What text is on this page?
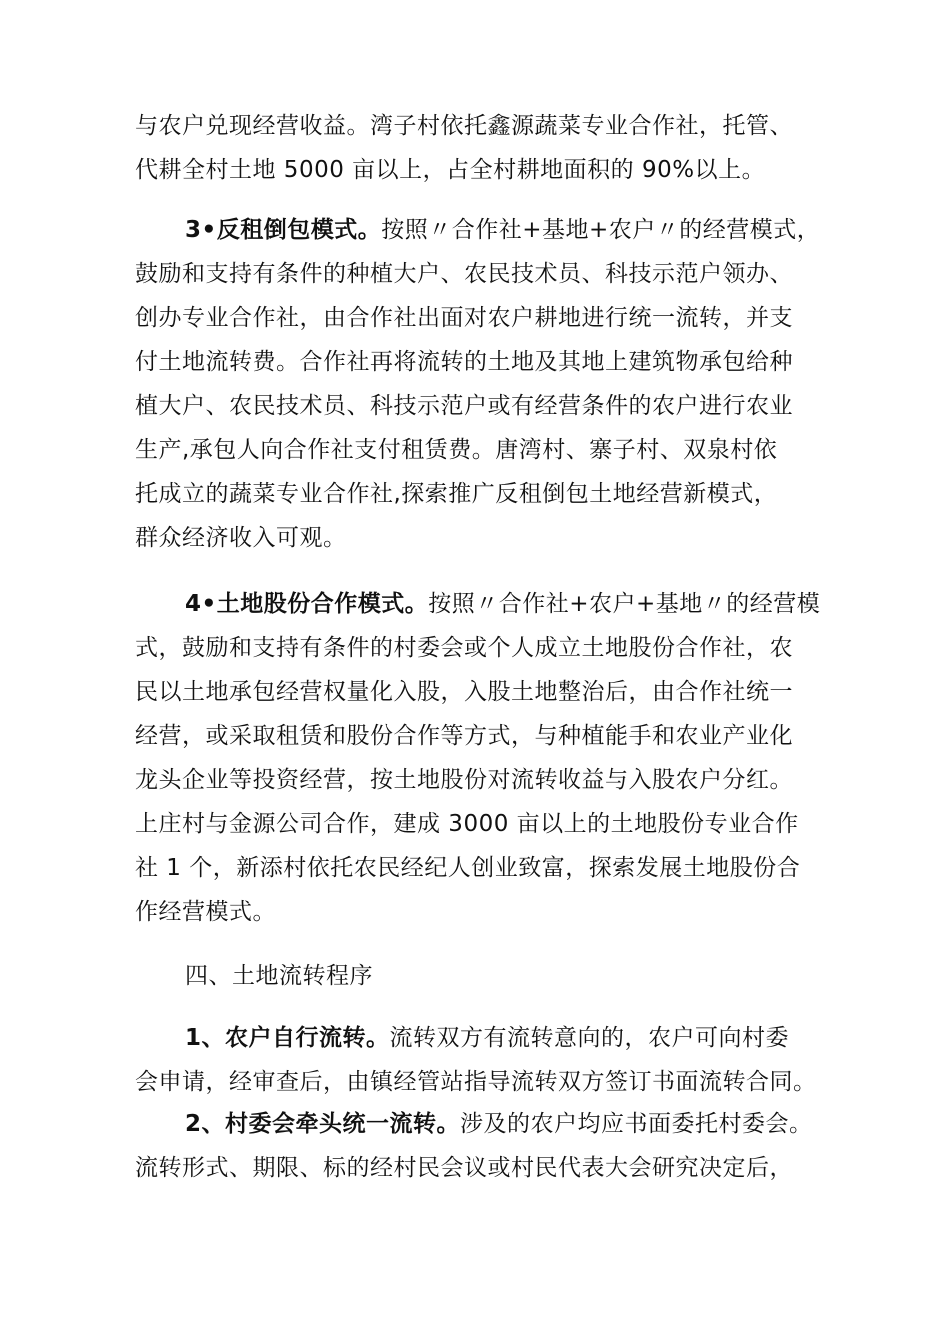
与农户兑现经营收益。湾子村依托鑫源蔬菜专业合作社，托管、
代耕全村土地 5000 亩以上，占全村耕地面积的 90%以上。
3•反租倒包模式。按照〃合作社+基地+农户〃的经营模式，
鼓励和支持有条件的种植大户、农民技术员、科技示范户领办、
创办专业合作社，由合作社出面对农户耕地进行统一流转，并支
付土地流转费。合作社再将流转的土地及其地上建筑物承包给种
植大户、农民技术员、科技示范户或有经营条件的农户进行农业
生产,承包人向合作社支付租赁费。唐湾村、寨子村、双泉村依
托成立的蔬菜专业合作社,探索推广反租倒包土地经营新模式，
群众经济收入可观。
4•土地股份合作模式。按照〃合作社+农户+基地〃的经营模
式，鼓励和支持有条件的村委会或个人成立土地股份合作社，农
民以土地承包经营权量化入股，入股土地整治后，由合作社统一
经营，或采取租赁和股份合作等方式，与种植能手和农业产业化
龙头企业等投资经营，按土地股份对流转收益与入股农户分红。
上庄村与金源公司合作，建成 3000 亩以上的土地股份专业合作
社 1 个，新添村依托农民经纪人创业致富，探索发展土地股份合
作经营模式。
四、土地流转程序
1、农户自行流转。流转双方有流转意向的，农户可向村委
会申请，经审查后，由镇经管站指导流转双方签订书面流转合同。
2、村委会牵头统一流转。涉及的农户均应书面委托村委会。
流转形式、期限、标的经村民会议或村民代表大会研究决定后，
